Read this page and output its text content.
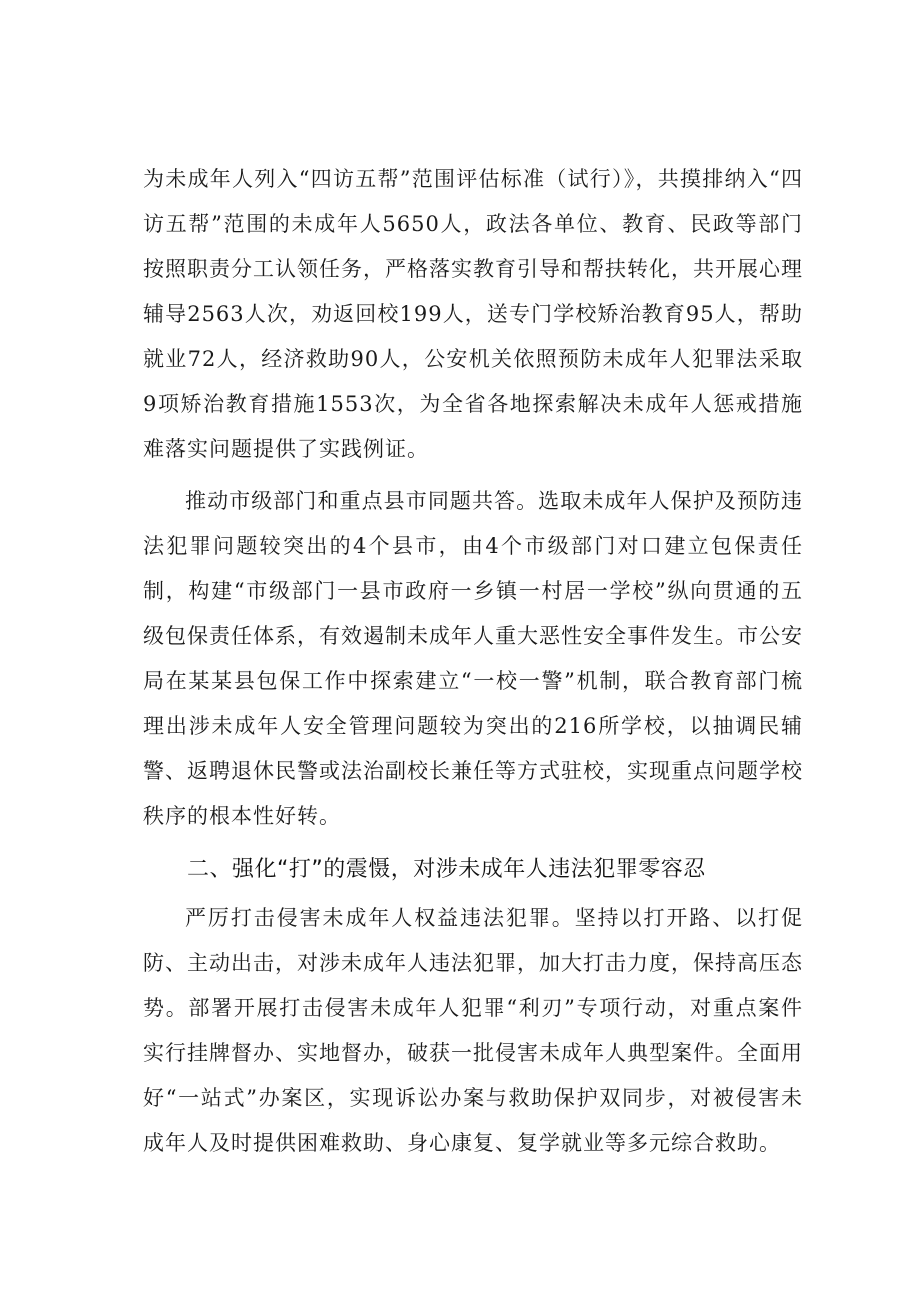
为未成年人列入“四访五帮”范围评估标准（试行）》，共摸排纳入“四访五帮”范围的未成年人5650人，政法各单位、教育、民政等部门按照职责分工认领任务，严格落实教育引导和帮扶转化，共开展心理辅导2563人次，劝返回校199人，送专门学校矫治教育95人，帮助就业72人，经济救助90人，公安机关依照预防未成年人犯罪法采取9项矫治教育措施1553次，为全省各地探索解决未成年人惩戒措施难落实问题提供了实践例证。

推动市级部门和重点县市同题共答。选取未成年人保护及预防违法犯罪问题较突出的4个县市，由4个市级部门对口建立包保责任制，构建“市级部门一县市政府一乡镇一村居一学校”纵向贯通的五级包保责任体系，有效遏制未成年人重大恶性安全事件发生。市公安局在某某县包保工作中探索建立“一校一警”机制，联合教育部门梳理出涉未成年人安全管理问题较为突出的216所学校，以抽调民辅警、返聘退休民警或法治副校长兼任等方式驻校，实现重点问题学校秩序的根本性好转。

二、强化“打”的震慑，对涉未成年人违法犯罪零容忍

严厉打击侵害未成年人权益违法犯罪。坚持以打开路、以打促防、主动出击，对涉未成年人违法犯罪，加大打击力度，保持高压态势。部署开展打击侵害未成年人犯罪“利刃”专项行动，对重点案件实行挂牌督办、实地督办，破获一批侵害未成年人典型案件。全面用好“一站式”办案区，实现诉讼办案与救助保护双同步，对被侵害未成年人及时提供困难救助、身心康复、复学就业等多元综合救助。
